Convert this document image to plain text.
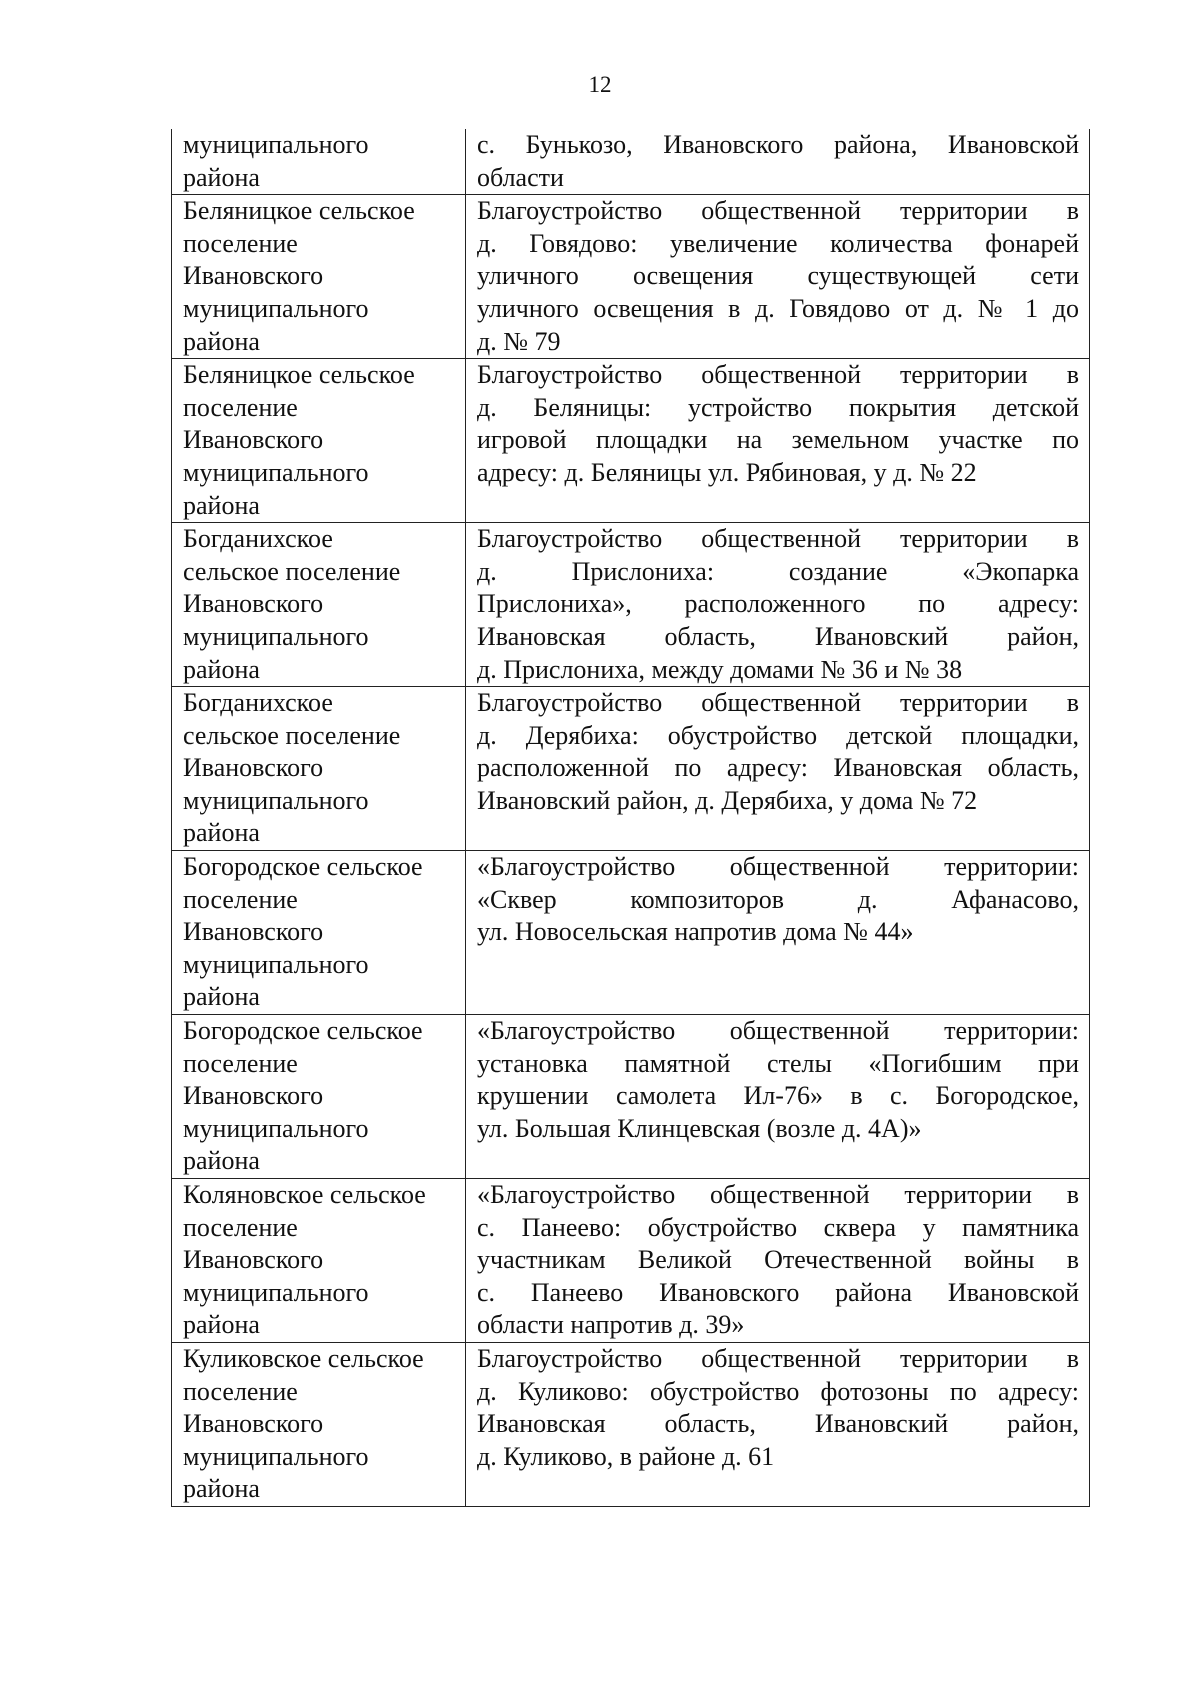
12
муниципального
района	с. Бунькозо, Ивановского района, Ивановской
области

Беляницкое сельское
поселение
Ивановского
муниципального
района	Благоустройство общественной территории в
д. Говядово: увеличение количества фонарей
уличного освещения существующей сети
уличного освещения в д. Говядово от д. № 1 до
д. № 79

Беляницкое сельское
поселение
Ивановского
муниципального
района	Благоустройство общественной территории в
д. Беляницы: устройство покрытия детской
игровой площадки на земельном участке по
адресу: д. Беляницы ул. Рябиновая, у д. № 22

Богданихское
сельское поселение
Ивановского
муниципального
района	Благоустройство общественной территории в
д. Прислониха: создание «Экопарка
Прислониха», расположенного по адресу:
Ивановская область, Ивановский район,
д. Прислониха, между домами № 36 и № 38

Богданихское
сельское поселение
Ивановского
муниципального
района	Благоустройство общественной территории в
д. Дерябиха: обустройство детской площадки,
расположенной по адресу: Ивановская область,
Ивановский район, д. Дерябиха, у дома № 72

Богородское сельское
поселение
Ивановского
муниципального
района	«Благоустройство общественной территории:
«Сквер композиторов д. Афанасово,
ул. Новосельская напротив дома № 44»

Богородское сельское
поселение
Ивановского
муниципального
района	«Благоустройство общественной территории:
установка памятной стелы «Погибшим при
крушении самолета Ил-76» в с. Богородское,
ул. Большая Клинцевская (возле д. 4А)»

Коляновское сельское
поселение
Ивановского
муниципального
района	«Благоустройство общественной территории в
с. Панеево: обустройство сквера у памятника
участникам Великой Отечественной войны в
с. Панеево Ивановского района Ивановской
области напротив д. 39»

Куликовское сельское
поселение
Ивановского
муниципального
района	Благоустройство общественной территории в
д. Куликово: обустройство фотозоны по адресу:
Ивановская область, Ивановский район,
д. Куликово, в районе д. 61
